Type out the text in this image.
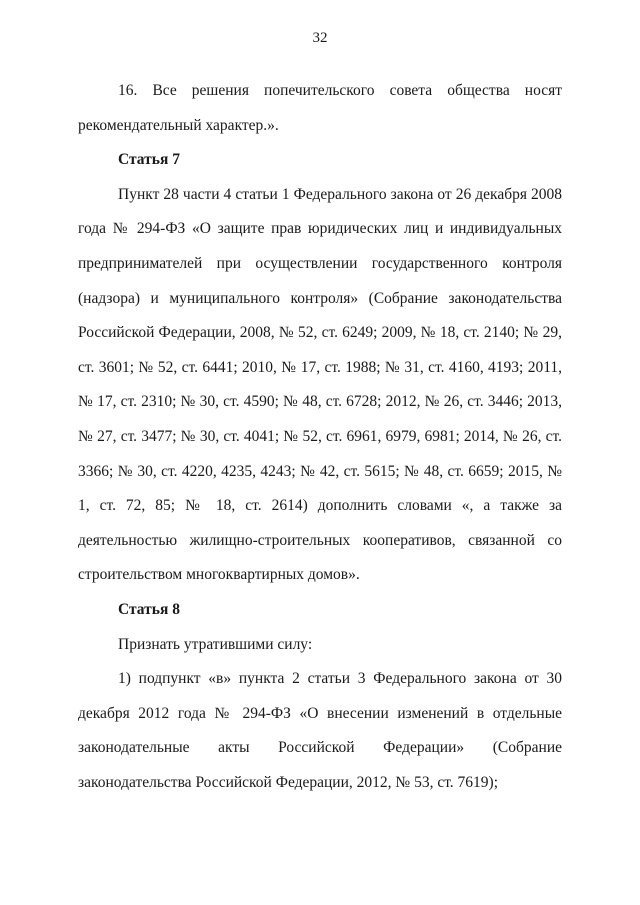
32

16. Все решения попечительского совета общества носят рекомендательный характер.».

Статья 7

Пункт 28 части 4 статьи 1 Федерального закона от 26 декабря 2008 года № 294-ФЗ «О защите прав юридических лиц и индивидуальных предпринимателей при осуществлении государственного контроля (надзора) и муниципального контроля» (Собрание законодательства Российской Федерации, 2008, № 52, ст. 6249; 2009, № 18, ст. 2140; № 29, ст. 3601; № 52, ст. 6441; 2010, № 17, ст. 1988; № 31, ст. 4160, 4193; 2011, № 17, ст. 2310; № 30, ст. 4590; № 48, ст. 6728; 2012, № 26, ст. 3446; 2013, № 27, ст. 3477; № 30, ст. 4041; № 52, ст. 6961, 6979, 6981; 2014, № 26, ст. 3366; № 30, ст. 4220, 4235, 4243; № 42, ст. 5615; № 48, ст. 6659; 2015, № 1, ст. 72, 85; № 18, ст. 2614) дополнить словами «, а также за деятельностью жилищно-строительных кооперативов, связанной со строительством многоквартирных домов».

Статья 8

Признать утратившими силу:

1) подпункт «в» пункта 2 статьи 3 Федерального закона от 30 декабря 2012 года № 294-ФЗ «О внесении изменений в отдельные законодательные акты Российской Федерации» (Собрание законодательства Российской Федерации, 2012, № 53, ст. 7619);
